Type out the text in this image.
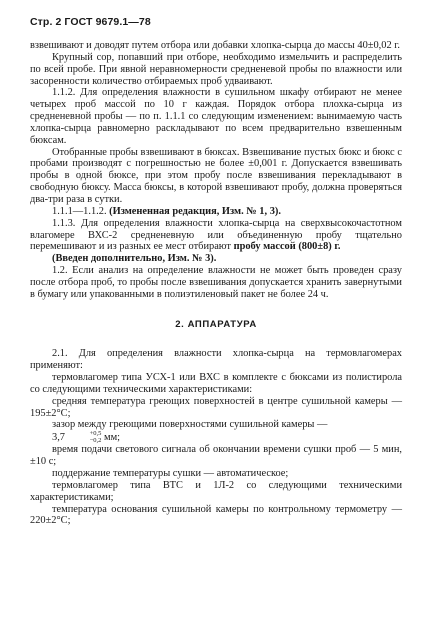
Стр. 2 ГОСТ 9679.1—78

взвешивают и доводят путем отбора или добавки хлопка-сырца до массы 40±0,02 г.

Крупный сор, попавший при отборе, необходимо измельчить и распределить по всей пробе. При явной неравномерности средненевой пробы по влажности или засоренности количество отбираемых проб удваивают.

1.1.2. Для определения влажности в сушильном шкафу отбирают не менее четырех проб массой по 10 г каждая. Порядок отбора плохка-сырца из средненевной пробы — по п. 1.1.1 со следующим изменением: вынимаемую часть хлопка-сырца равномерно раскладывают по всем предварительно взвешенным бюксам.

Отобранные пробы взвешивают в бюксах. Взвешивание пустых бюкс и бюкс с пробами производят с погрешностью не более ±0,001 г. Допускается взвешивать пробы в одной бюксе, при этом пробу после взвешивания перекладывают в свободную бюксу. Масса бюксы, в которой взвешивают пробу, должна проверяться два-три раза в сутки.

1.1.1—1.1.2. (Измененная редакция, Изм. № 1, 3).

1.1.3. Для определения влажности хлопка-сырца на сверхвысокочастотном влагомере ВХС-2 средненевную или объединенную пробу тщательно перемешивают и из разных ее мест отбирают пробу массой (800±8) г.

(Введен дополнительно, Изм. № 3).

1.2. Если анализ на определение влажности не может быть проведен сразу после отбора проб, то пробы после взвешивания допускается хранить завернутыми в бумагу или упакованными в полиэтиленовый пакет не более 24 ч.

2. АППАРАТУРА

2.1. Для определения влажности хлопка-сырца на термовлагомерах применяют:

термовлагомер типа УСХ-1 или ВХС в комплекте с бюксами из полистирола со следующими техническими характеристиками:

средняя температура греющих поверхностей в центре сушильной камеры — 195±2°С;

зазор между греющими поверхностями сушильной камеры —

3,7	+0,5
−0,2 мм;

время подачи светового сигнала об окончании времени сушки проб — 5 мин, ±10 с;

поддержание температуры сушки — автоматическое;

термовлагомер типа ВТС и 1Л-2 со следующими техническими характеристиками;

температура основания сушильной камеры по контрольному термометру — 220±2°С;
